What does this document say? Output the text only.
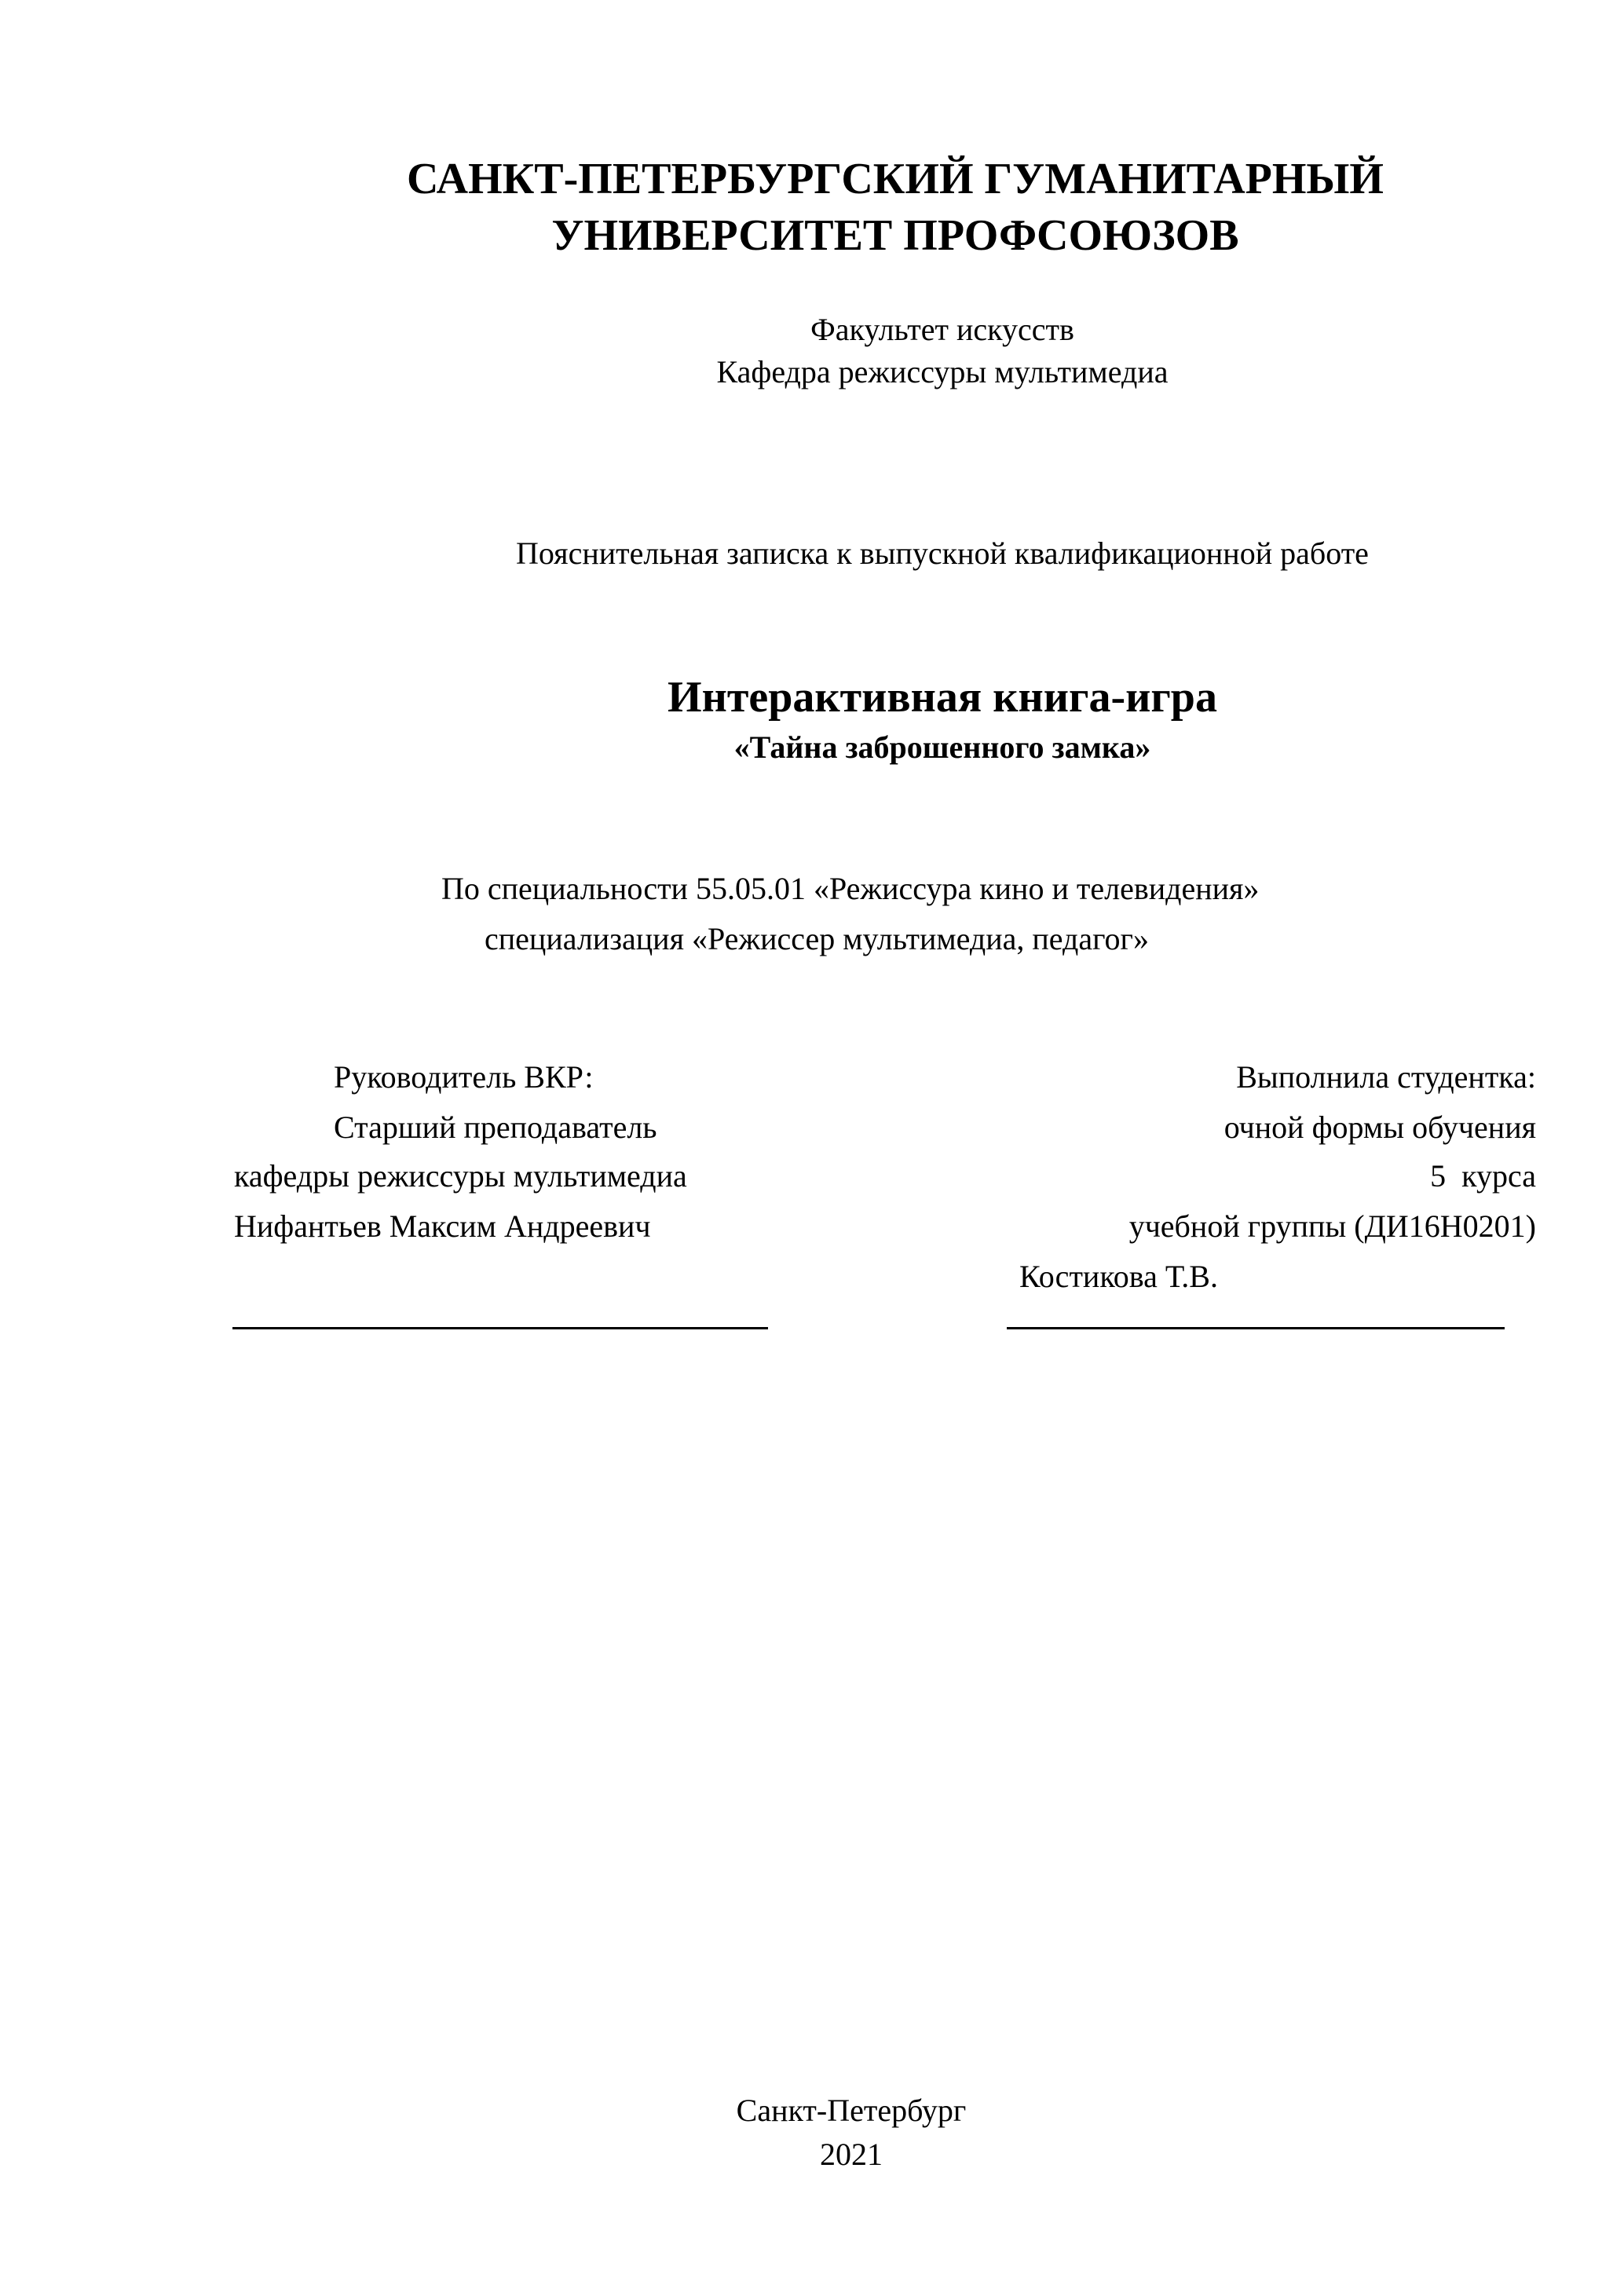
САНКТ-ПЕТЕРБУРГСКИЙ ГУМАНИТАРНЫЙ
УНИВЕРСИТЕТ ПРОФСОЮЗОВ
Факультет искусств
Кафедра режиссуры мультимедиа
Пояснительная записка к выпускной квалификационной работе
Интерактивная книга-игра
«Тайна заброшенного замка»
По специальности 55.05.01 «Режиссура кино и телевидения»
специализация «Режиссер мультимедиа, педагог»
Руководитель ВКР:
Старший преподаватель
кафедры режиссуры мультимедиа
Нифантьев Максим Андреевич
Выполнила студентка:
очной формы обучения
5  курса
учебной группы (ДИ16Н0201)
Костикова Т.В.
Санкт-Петербург
2021
